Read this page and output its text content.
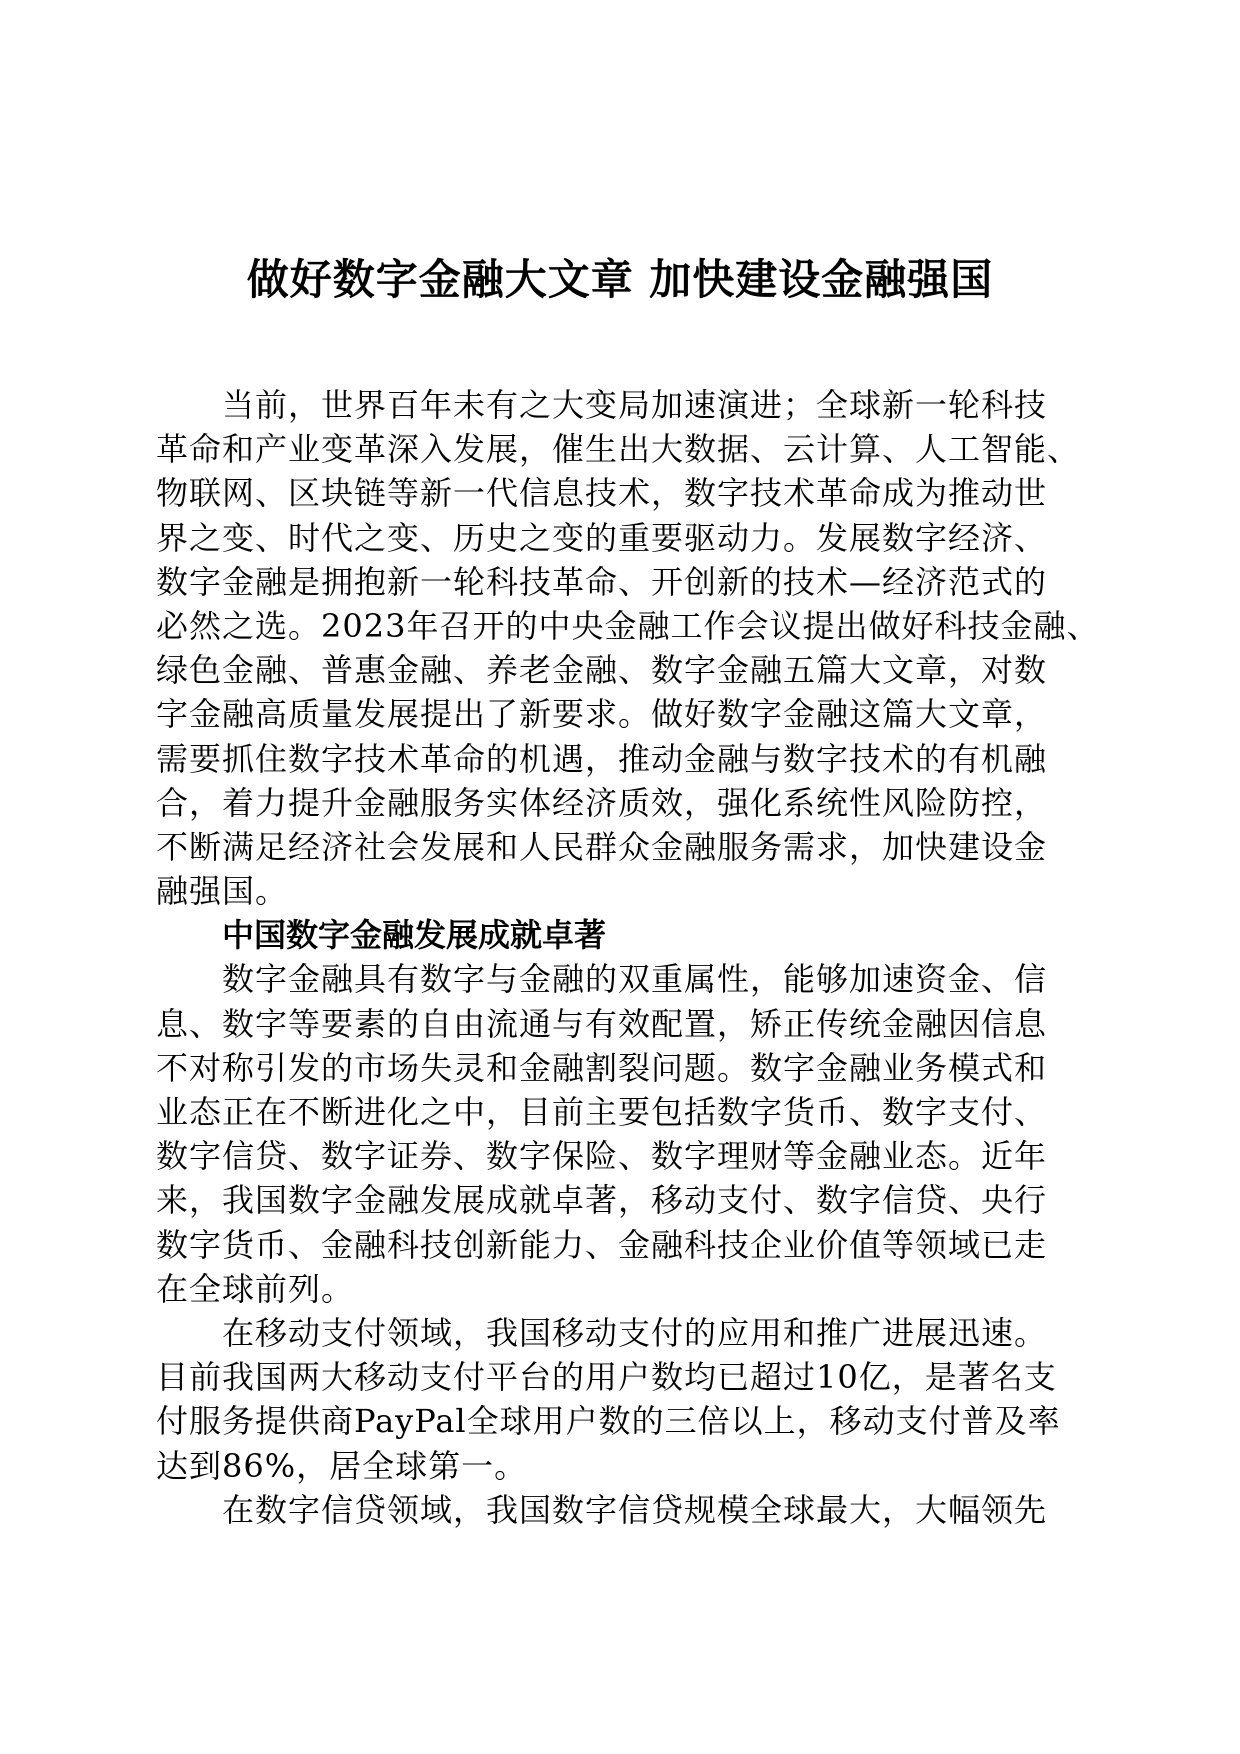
做好数字金融大文章 加快建设金融强国
当前，世界百年未有之大变局加速演进；全球新一轮科技
革命和产业变革深入发展，催生出大数据、云计算、人工智能、
物联网、区块链等新一代信息技术，数字技术革命成为推动世
界之变、时代之变、历史之变的重要驱动力。发展数字经济、
数字金融是拥抱新一轮科技革命、开创新的技术—经济范式的
必然之选。2023年召开的中央金融工作会议提出做好科技金融、
绿色金融、普惠金融、养老金融、数字金融五篇大文章，对数
字金融高质量发展提出了新要求。做好数字金融这篇大文章，
需要抓住数字技术革命的机遇，推动金融与数字技术的有机融
合，着力提升金融服务实体经济质效，强化系统性风险防控，
不断满足经济社会发展和人民群众金融服务需求，加快建设金
融强国。
中国数字金融发展成就卓著
数字金融具有数字与金融的双重属性，能够加速资金、信
息、数字等要素的自由流通与有效配置，矫正传统金融因信息
不对称引发的市场失灵和金融割裂问题。数字金融业务模式和
业态正在不断进化之中，目前主要包括数字货币、数字支付、
数字信贷、数字证券、数字保险、数字理财等金融业态。近年
来，我国数字金融发展成就卓著，移动支付、数字信贷、央行
数字货币、金融科技创新能力、金融科技企业价值等领域已走
在全球前列。
在移动支付领域，我国移动支付的应用和推广进展迅速。
目前我国两大移动支付平台的用户数均已超过10亿，是著名支
付服务提供商PayPal全球用户数的三倍以上，移动支付普及率
达到86%，居全球第一。
在数字信贷领域，我国数字信贷规模全球最大，大幅领先
